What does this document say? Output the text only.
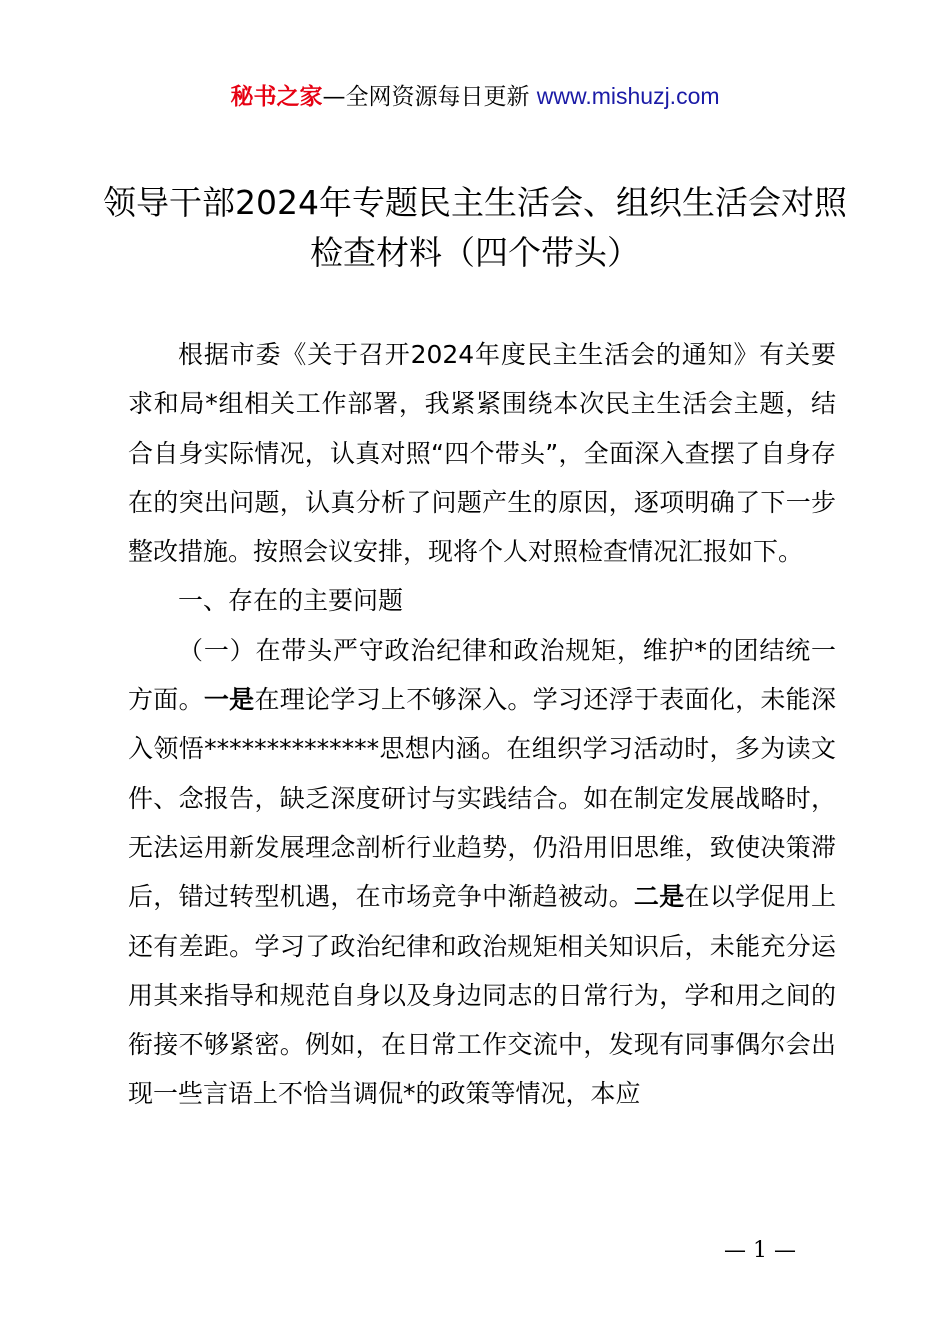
秘书之家—全网资源每日更新 www.mishuzj.com
领导干部2024年专题民主生活会、组织生活会对照检查材料（四个带头）

根据市委《关于召开2024年度民主生活会的通知》有关要求和局*组相关工作部署，我紧紧围绕本次民主生活会主题，结合自身实际情况，认真对照“四个带头”，全面深入查摆了自身存在的突出问题，认真分析了问题产生的原因，逐项明确了下一步整改措施。按照会议安排，现将个人对照检查情况汇报如下。

一、存在的主要问题

（一）在带头严守政治纪律和政治规矩，维护*的团结统一方面。一是在理论学习上不够深入。学习还浮于表面化，未能深入领悟**************思想内涵。在组织学习活动时，多为读文件、念报告，缺乏深度研讨与实践结合。如在制定发展战略时，无法运用新发展理念剖析行业趋势，仍沿用旧思维，致使决策滞后，错过转型机遇，在市场竞争中渐趋被动。二是在以学促用上还有差距。学习了政治纪律和政治规矩相关知识后，未能充分运用其来指导和规范自身以及身边同志的日常行为，学和用之间的衔接不够紧密。例如，在日常工作交流中，发现有同事偶尔会出现一些言语上不恰当调侃*的政策等情况，本应

— 1 —
